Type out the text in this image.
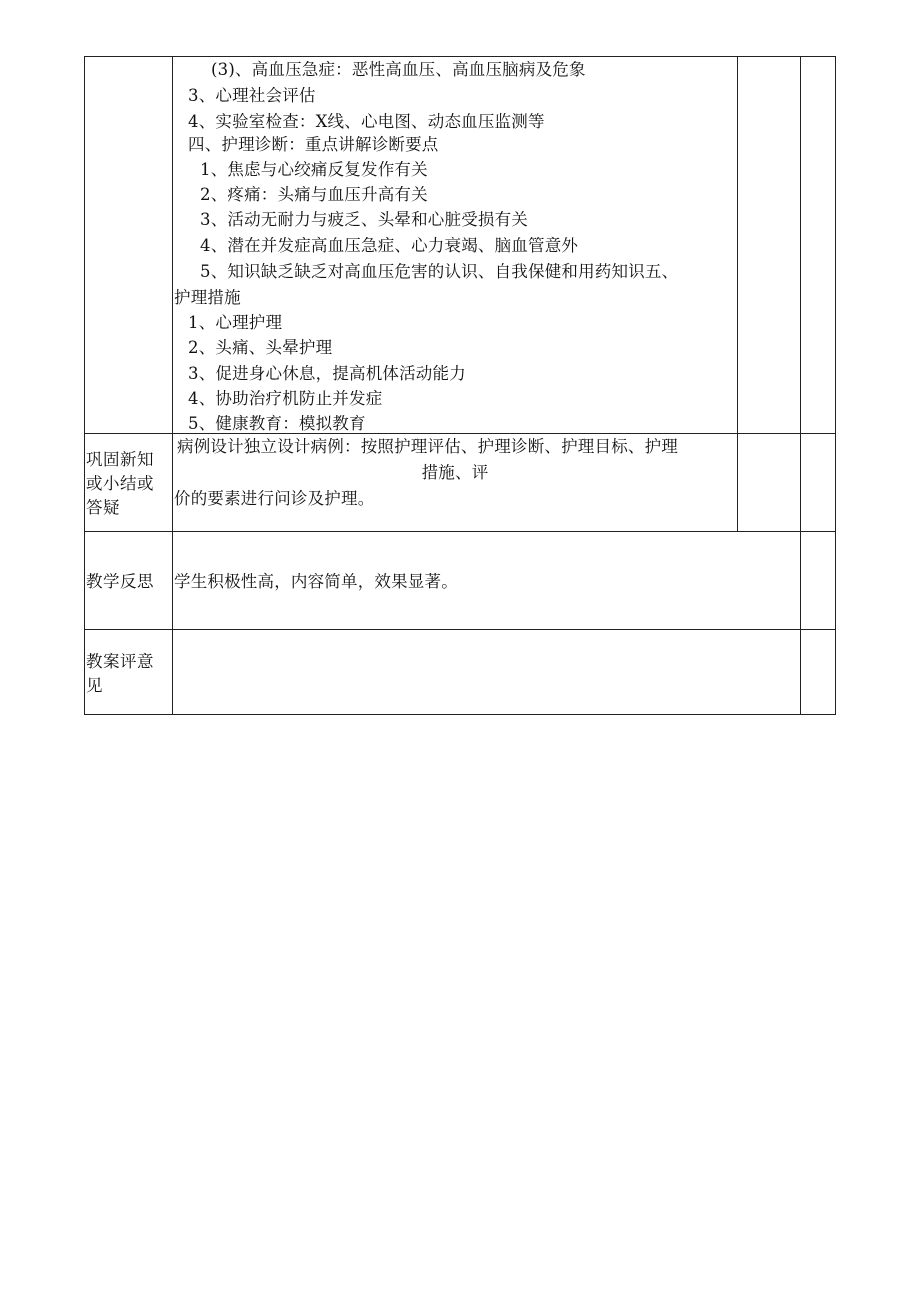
(3)、高血压急症：恶性高血压、高血压脑病及危象
3、心理社会评估
4、实验室检查：X线、心电图、动态血压监测等
四、护理诊断：重点讲解诊断要点
1、焦虑与心绞痛反复发作有关
2、疼痛：头痛与血压升高有关
3、活动无耐力与疲乏、头晕和心脏受损有关
4、潜在并发症高血压急症、心力衰竭、脑血管意外
5、知识缺乏缺乏对高血压危害的认识、自我保健和用药知识五、
护理措施
1、心理护理
2、头痛、头晕护理
3、促进身心休息，提高机体活动能力
4、协助治疗机防止并发症
5、健康教育：模拟教育
巩固新知或小结或答疑
病例设计独立设计病例：按照护理评估、护理诊断、护理目标、护理
措施、评
价的要素进行问诊及护理。
教学反思	学生积极性高，内容简单，效果显著。
教案评意见
